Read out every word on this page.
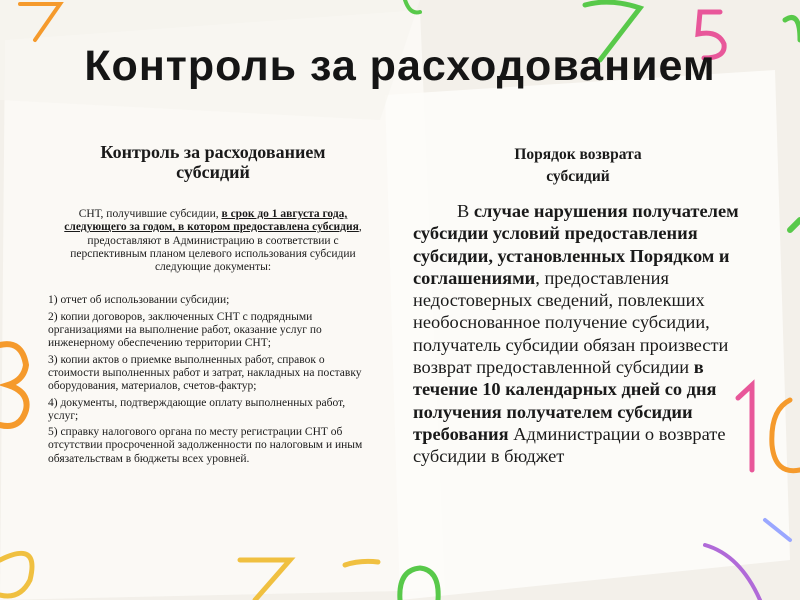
Контроль за расходованием
Контроль за расходованием
субсидий

СНТ, получившие субсидии, в срок до 1 августа года, следующего за годом, в котором предоставлена субсидия, предоставляют в Администрацию в соответствии с перспективным планом целевого использования субсидии следующие документы:

1) отчет об использовании субсидии;
2) копии договоров, заключенных СНТ с подрядными организациями на выполнение работ, оказание услуг по инженерному обеспечению территории СНТ;
3) копии актов о приемке выполненных работ, справок о стоимости выполненных работ и затрат, накладных на поставку оборудования, материалов, счетов-фактур;
4) документы, подтверждающие оплату выполненных работ, услуг;
5) справку налогового органа по месту регистрации СНТ об отсутствии просроченной задолженности по налоговым и иным обязательствам в бюджеты всех уровней.
Порядок возврата
субсидий

В случае нарушения получателем субсидии условий предоставления субсидии, установленных Порядком и соглашениями, предоставления недостоверных сведений, повлекших необоснованное получение субсидии, получатель субсидии обязан произвести возврат предоставленной субсидии в течение 10 календарных дней со дня получения получателем субсидии требования Администрации о возврате субсидии в бюджет
